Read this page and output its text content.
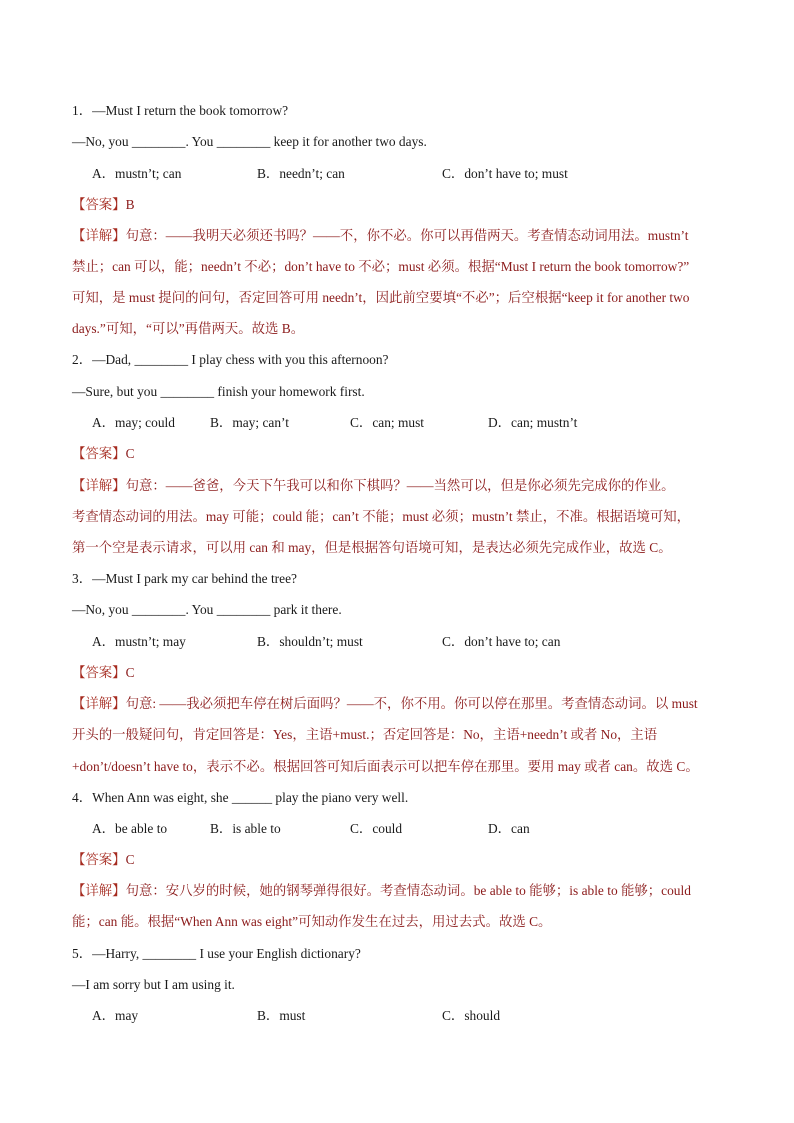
1．—Must I return the book tomorrow?
—No, you ________. You ________ keep it for another two days.
A．mustn’t; can	B．needn’t; can	C．don’t have to; must
【答案】B
【详解】句意：——我明天必须还书吗？——不，你不必。你可以再借两天。考查情态动词用法。mustn’t
禁止；can 可以，能；needn’t 不必；don’t have to 不必；must 必须。根据“Must I return the book tomorrow?”
可知，是 must 提问的问句，否定回答可用 needn’t，因此前空要填“不必”；后空根据“keep it for another two
days.”可知，“可以”再借两天。故选 B。
2．—Dad, ________ I play chess with you this afternoon?
—Sure, but you ________ finish your homework first.
A．may; could	B．may; can’t	C．can; must	D．can; mustn’t
【答案】C
【详解】句意：——爸爸，今天下午我可以和你下棋吗？——当然可以，但是你必须先完成你的作业。
考查情态动词的用法。may 可能；could 能；can’t 不能；must 必须；mustn’t 禁止，不准。根据语境可知，
第一个空是表示请求，可以用 can 和 may，但是根据答句语境可知，是表达必须先完成作业，故选 C。
3．—Must I park my car behind the tree?
—No, you ________. You ________ park it there.
A．mustn’t; may	B．shouldn’t; must	C．don’t have to; can
【答案】C
【详解】句意: ——我必须把车停在树后面吗？——不，你不用。你可以停在那里。考查情态动词。以 must
开头的一般疑问句，肯定回答是：Yes，主语+must.；否定回答是：No，主语+needn’t 或者 No，主语
+don’t/doesn’t have to，表示不必。根据回答可知后面表示可以把车停在那里。要用 may 或者 can。故选 C。
4．When Ann was eight, she ______ play the piano very well.
A．be able to	B．is able to	C．could	D．can
【答案】C
【详解】句意：安八岁的时候，她的钢琴弹得很好。考查情态动词。be able to 能够；is able to 能够；could
能；can 能。根据“When Ann was eight”可知动作发生在过去，用过去式。故选 C。
5．—Harry, ________ I use your English dictionary?
—I am sorry but I am using it.
A．may	B．must	C．should
